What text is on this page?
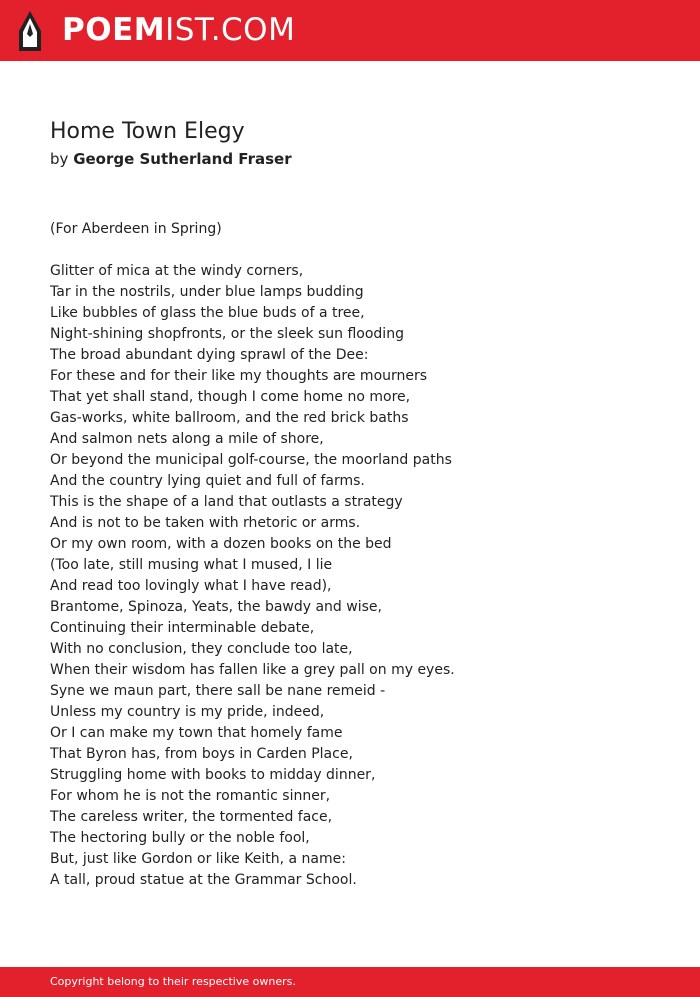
POEMIST.COM
Home Town Elegy
by George Sutherland Fraser
(For Aberdeen in Spring)
Glitter of mica at the windy corners,
Tar in the nostrils, under blue lamps budding
Like bubbles of glass the blue buds of a tree,
Night-shining shopfronts, or the sleek sun flooding
The broad abundant dying sprawl of the Dee:
For these and for their like my thoughts are mourners
That yet shall stand, though I come home no more,
Gas-works, white ballroom, and the red brick baths
And salmon nets along a mile of shore,
Or beyond the municipal golf-course, the moorland paths
And the country lying quiet and full of farms.
This is the shape of a land that outlasts a strategy
And is not to be taken with rhetoric or arms.
Or my own room, with a dozen books on the bed
(Too late, still musing what I mused, I lie
And read too lovingly what I have read),
Brantome, Spinoza, Yeats, the bawdy and wise,
Continuing their interminable debate,
With no conclusion, they conclude too late,
When their wisdom has fallen like a grey pall on my eyes.
Syne we maun part, there sall be nane remeid -
Unless my country is my pride, indeed,
Or I can make my town that homely fame
That Byron has, from boys in Carden Place,
Struggling home with books to midday dinner,
For whom he is not the romantic sinner,
The careless writer, the tormented face,
The hectoring bully or the noble fool,
But, just like Gordon or like Keith, a name:
A tall, proud statue at the Grammar School.
Copyright belong to their respective owners.
